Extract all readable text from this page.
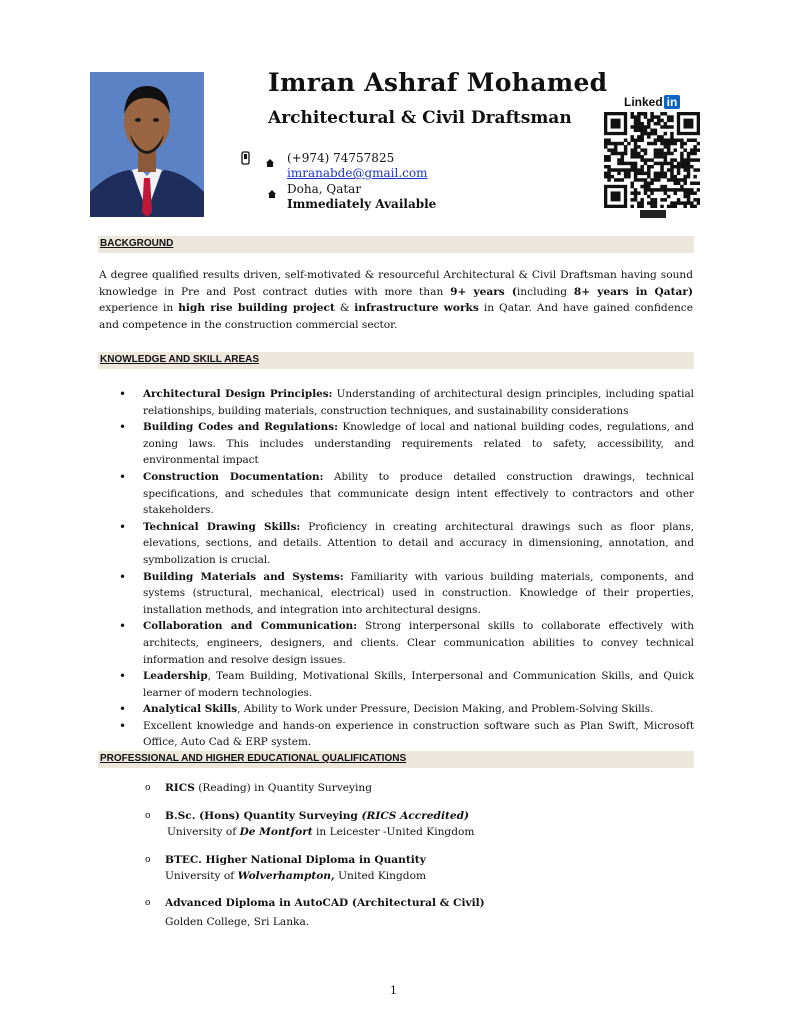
Imran Ashraf Mohamed
Architectural & Civil Draftsman
(+974) 74757825
imranabde@gmail.com
Doha, Qatar
Immediately Available
Linked in
BACKGROUND
A degree qualified results driven, self-motivated & resourceful Architectural & Civil Draftsman having sound knowledge in Pre and Post contract duties with more than 9+ years (including 8+ years in Qatar) experience in high rise building project & infrastructure works in Qatar. And have gained confidence and competence in the construction commercial sector.
KNOWLEDGE AND SKILL AREAS
• Architectural Design Principles: Understanding of architectural design principles, including spatial relationships, building materials, construction techniques, and sustainability considerations
• Building Codes and Regulations: Knowledge of local and national building codes, regulations, and zoning laws. This includes understanding requirements related to safety, accessibility, and environmental impact
• Construction Documentation: Ability to produce detailed construction drawings, technical specifications, and schedules that communicate design intent effectively to contractors and other stakeholders.
• Technical Drawing Skills: Proficiency in creating architectural drawings such as floor plans, elevations, sections, and details. Attention to detail and accuracy in dimensioning, annotation, and symbolization is crucial.
• Building Materials and Systems: Familiarity with various building materials, components, and systems (structural, mechanical, electrical) used in construction. Knowledge of their properties, installation methods, and integration into architectural designs.
• Collaboration and Communication: Strong interpersonal skills to collaborate effectively with architects, engineers, designers, and clients. Clear communication abilities to convey technical information and resolve design issues.
• Leadership, Team Building, Motivational Skills, Interpersonal and Communication Skills, and Quick learner of modern technologies.
• Analytical Skills, Ability to Work under Pressure, Decision Making, and Problem-Solving Skills.
• Excellent knowledge and hands-on experience in construction software such as Plan Swift, Microsoft Office, Auto Cad & ERP system.
PROFESSIONAL AND HIGHER EDUCATIONAL QUALIFICATIONS
o	RICS (Reading) in Quantity Surveying
o	B.Sc. (Hons) Quantity Surveying (RICS Accredited)
University of De Montfort in Leicester -United Kingdom
o	BTEC. Higher National Diploma in Quantity
University of Wolverhampton, United Kingdom
o	Advanced Diploma in AutoCAD (Architectural & Civil)
Golden College, Sri Lanka.
1
